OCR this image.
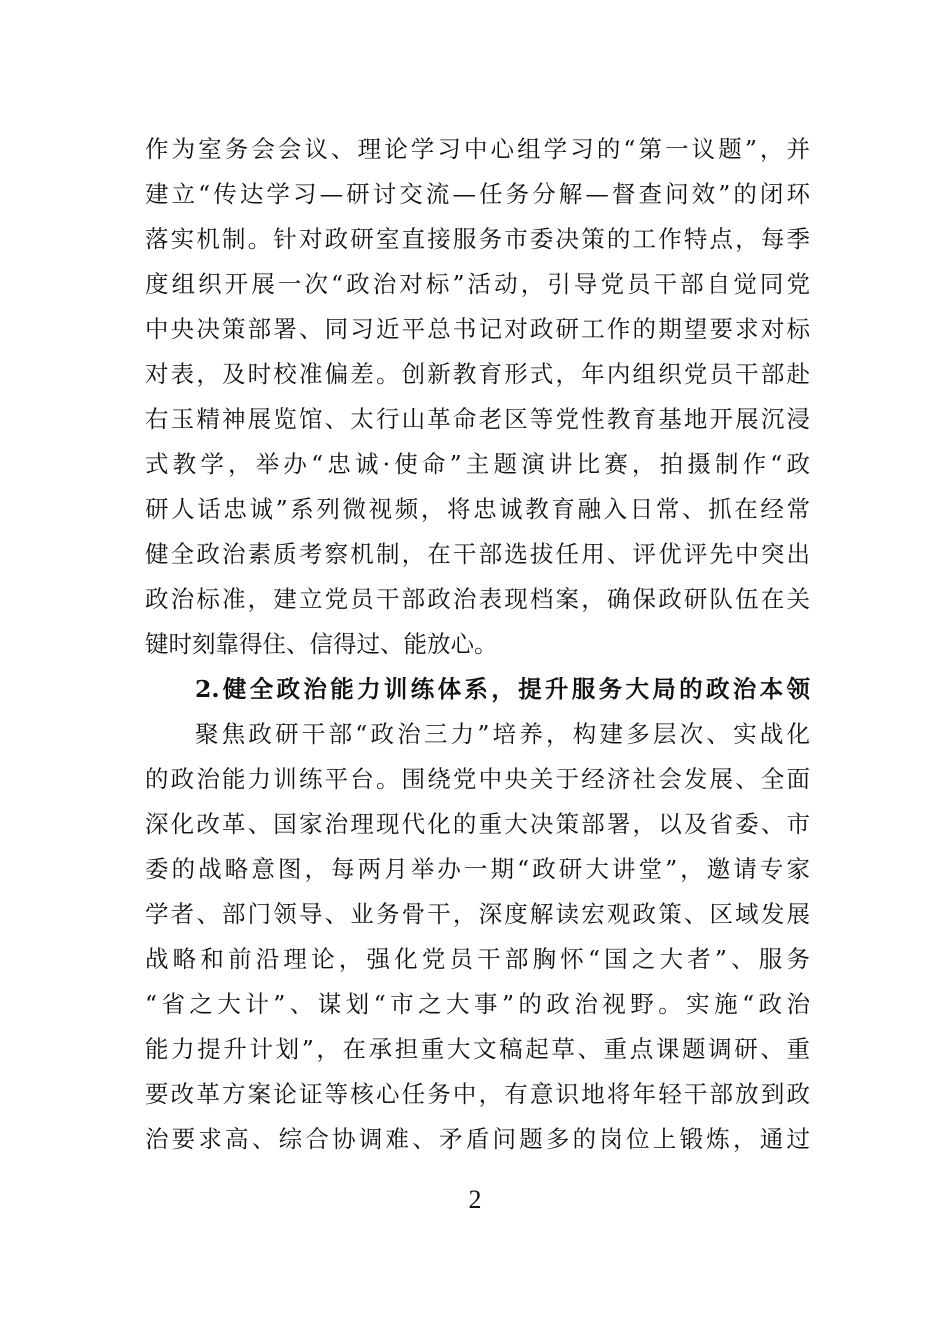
作为室务会会议、理论学习中心组学习的“第一议题”，并
建立“传达学习—研讨交流—任务分解—督查问效”的闭环
落实机制。针对政研室直接服务市委决策的工作特点，每季
度组织开展一次“政治对标”活动，引导党员干部自觉同党
中央决策部署、同习近平总书记对政研工作的期望要求对标
对表，及时校准偏差。创新教育形式，年内组织党员干部赴
右玉精神展览馆、太行山革命老区等党性教育基地开展沉浸
式教学，举办“忠诚·使命”主题演讲比赛，拍摄制作“政
研人话忠诚”系列微视频，将忠诚教育融入日常、抓在经常
健全政治素质考察机制，在干部选拔任用、评优评先中突出
政治标准，建立党员干部政治表现档案，确保政研队伍在关
键时刻靠得住、信得过、能放心。
2.健全政治能力训练体系，提升服务大局的政治本领
聚焦政研干部“政治三力”培养，构建多层次、实战化
的政治能力训练平台。围绕党中央关于经济社会发展、全面
深化改革、国家治理现代化的重大决策部署，以及省委、市
委的战略意图，每两月举办一期“政研大讲堂”，邀请专家
学者、部门领导、业务骨干，深度解读宏观政策、区域发展
战略和前沿理论，强化党员干部胸怀“国之大者”、服务
“省之大计”、谋划“市之大事”的政治视野。实施“政治
能力提升计划”，在承担重大文稿起草、重点课题调研、重
要改革方案论证等核心任务中，有意识地将年轻干部放到政
治要求高、综合协调难、矛盾问题多的岗位上锻炼，通过
2
